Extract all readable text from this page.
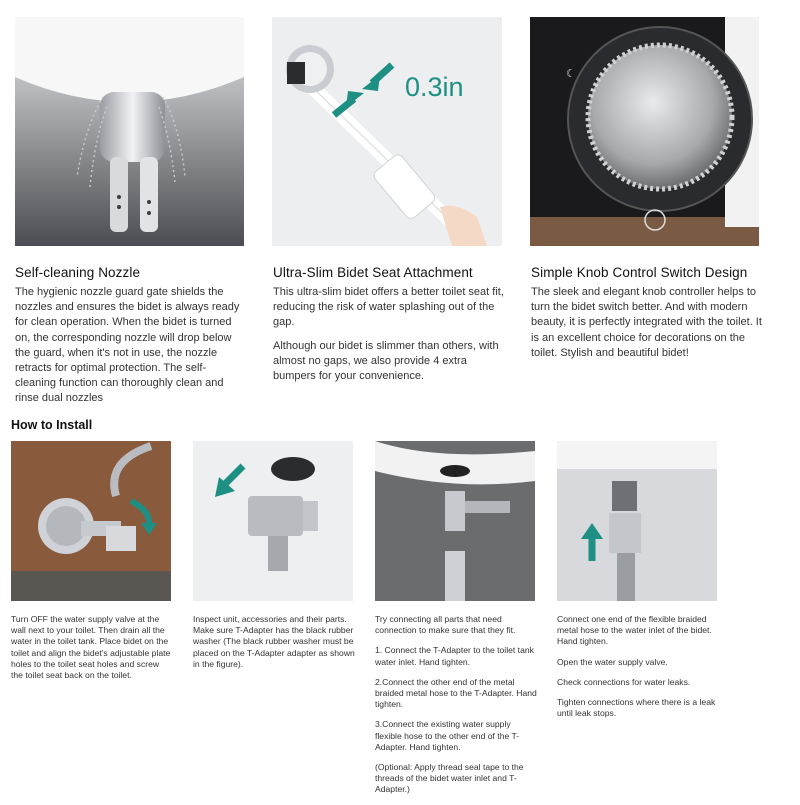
0.3in	☾
Self-cleaning Nozzle

The hygienic nozzle guard gate shields the nozzles and ensures the bidet is always ready for clean operation. When the bidet is turned on, the corresponding nozzle will drop below the guard, when it's not in use, the nozzle retracts for optimal protection. The self-cleaning function can thoroughly clean and rinse dual nozzles

Ultra-Slim Bidet Seat Attachment

This ultra-slim bidet offers a better toilet seat fit, reducing the risk of water splashing out of the gap.

Although our bidet is slimmer than others, with almost no gaps, we also provide 4 extra bumpers for your convenience.

Simple Knob Control Switch Design

The sleek and elegant knob controller helps to turn the bidet switch better. And with modern beauty, it is perfectly integrated with the toilet. It is an excellent choice for decorations on the toilet. Stylish and beautiful bidet!

How to Install

Turn OFF the water supply valve at the wall next to your toilet. Then drain all the water in the toilet tank. Place bidet on the toilet and align the bidet's adjustable plate holes to the toilet seat holes and screw the toilet seat back on the toilet.

Inspect unit, accessories and their parts. Make sure T-Adapter has the black rubber washer (The black rubber washer must be placed on the T-Adapter adapter as shown in the figure).

Try connecting all parts that need connection to make sure that they fit.

1. Connect the T-Adapter to the toilet tank water inlet. Hand tighten.

2.Connect the other end of the metal braided metal hose to the T-Adapter. Hand tighten.

3.Connect the existing water supply flexible hose to the other end of the T-Adapter. Hand tighten.

(Optional: Apply thread seal tape to the threads of the bidet water inlet and T-Adapter.)

Connect one end of the flexible braided metal hose to the water inlet of the bidet. Hand tighten.

Open the water supply valve.

Check connections for water leaks.

Tighten connections where there is a leak until leak stops.
